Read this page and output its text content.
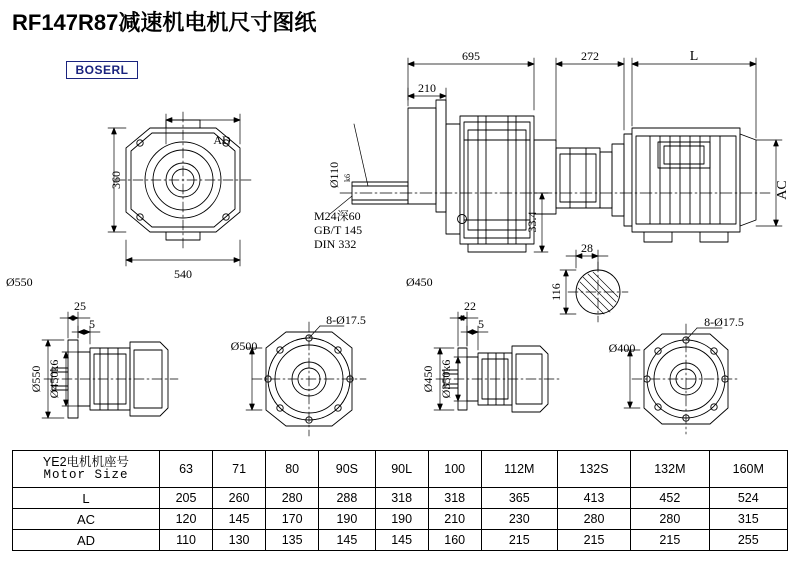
RF147R87减速机电机尺寸图纸
BOSERL
695	272	L
210
Ø110 k6
AC
33.4
28
116
M24深60
GB/T 145
DIN 332
AD
360
540
Ø550
25
5
Ø550 Ø450k6
8-Ø17.5
Ø500
Ø450
22
5
Ø450 Ø350k6
8-Ø17.5
Ø400
YE2电机机座号
Motor Size	63	71	80	90S	90L	100	112M	132S	132M	160M
L	205	260	280	288	318	318	365	413	452	524
AC	120	145	170	190	190	210	230	280	280	315
AD	110	130	135	145	145	160	215	215	215	255
